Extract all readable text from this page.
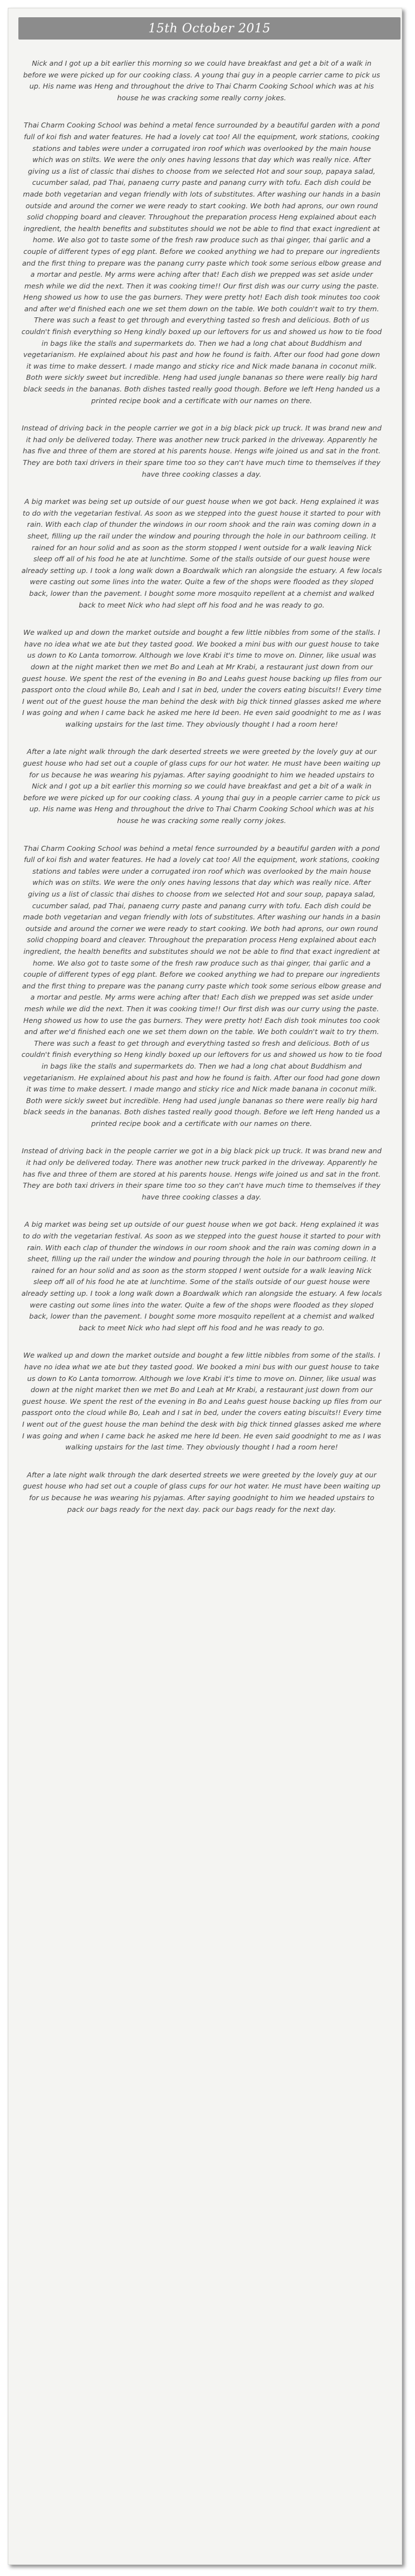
15th October 2015

Nick and I got up a bit earlier this morning so we could have breakfast and get a bit of a walk in before we were picked up for our cooking class. A young thai guy in a people carrier came to pick us up. His name was Heng and throughout the drive to Thai Charm Cooking School which was at his house he was cracking some really corny jokes.

Thai Charm Cooking School was behind a metal fence surrounded by a beautiful garden with a pond full of koi fish and water features. He had a lovely cat too! All the equipment, work stations, cooking stations and tables were under a corrugated iron roof which was overlooked by the main house which was on stilts. We were the only ones having lessons that day which was really nice. After giving us a list of classic thai dishes to choose from we selected Hot and sour soup, papaya salad, cucumber salad, pad Thai, panaeng curry paste and panang curry with tofu. Each dish could be made both vegetarian and vegan friendly with lots of substitutes. After washing our hands in a basin outside and around the corner we were ready to start cooking. We both had aprons, our own round solid chopping board and cleaver. Throughout the preparation process Heng explained about each ingredient, the health benefits and substitutes should we not be able to find that exact ingredient at home. We also got to taste some of the fresh raw produce such as thai ginger, thai garlic and a couple of different types of egg plant. Before we cooked anything we had to prepare our ingredients and the first thing to prepare was the panang curry paste which took some serious elbow grease and a mortar and pestle. My arms were aching after that! Each dish we prepped was set aside under mesh while we did the next. Then it was cooking time!! Our first dish was our curry using the paste. Heng showed us how to use the gas burners. They were pretty hot! Each dish took minutes too cook and after we'd finished each one we set them down on the table. We both couldn't wait to try them. There was such a feast to get through and everything tasted so fresh and delicious. Both of us couldn't finish everything so Heng kindly boxed up our leftovers for us and showed us how to tie food in bags like the stalls and supermarkets do. Then we had a long chat about Buddhism and vegetarianism. He explained about his past and how he found is faith. After our food had gone down it was time to make dessert. I made mango and sticky rice and Nick made banana in coconut milk. Both were sickly sweet but incredible. Heng had used jungle bananas so there were really big hard black seeds in the bananas. Both dishes tasted really good though. Before we left Heng handed us a printed recipe book and a certificate with our names on there.

Instead of driving back in the people carrier we got in a big black pick up truck. It was brand new and it had only be delivered today. There was another new truck parked in the driveway. Apparently he has five and three of them are stored at his parents house. Hengs wife joined us and sat in the front. They are both taxi drivers in their spare time too so they can't have much time to themselves if they have three cooking classes a day.

A big market was being set up outside of our guest house when we got back. Heng explained it was to do with the vegetarian festival. As soon as we stepped into the guest house it started to pour with rain. With each clap of thunder the windows in our room shook and the rain was coming down in a sheet, filling up the rail under the window and pouring through the hole in our bathroom ceiling. It rained for an hour solid and as soon as the storm stopped I went outside for a walk leaving Nick sleep off all of his food he ate at lunchtime. Some of the stalls outside of our guest house were already setting up. I took a long walk down a Boardwalk which ran alongside the estuary. A few locals were casting out some lines into the water. Quite a few of the shops were flooded as they sloped back, lower than the pavement. I bought some more mosquito repellent at a chemist and walked back to meet Nick who had slept off his food and he was ready to go.

We walked up and down the market outside and bought a few little nibbles from some of the stalls. I have no idea what we ate but they tasted good. We booked a mini bus with our guest house to take us down to Ko Lanta tomorrow. Although we love Krabi it's time to move on. Dinner, like usual was down at the night market then we met Bo and Leah at Mr Krabi, a restaurant just down from our guest house. We spent the rest of the evening in Bo and Leahs guest house backing up files from our passport onto the cloud while Bo, Leah and I sat in bed, under the covers eating biscuits!! Every time I went out of the guest house the man behind the desk with big thick tinned glasses asked me where I was going and when I came back he asked me here Id been. He even said goodnight to me as I was walking upstairs for the last time. They obviously thought I had a room here!

After a late night walk through the dark deserted streets we were greeted by the lovely guy at our guest house who had set out a couple of glass cups for our hot water. He must have been waiting up for us because he was wearing his pyjamas. After saying goodnight to him we headed upstairs to Nick and I got up a bit earlier this morning so we could have breakfast and get a bit of a walk in before we were picked up for our cooking class. A young thai guy in a people carrier came to pick us up. His name was Heng and throughout the drive to Thai Charm Cooking School which was at his house he was cracking some really corny jokes.

Thai Charm Cooking School was behind a metal fence surrounded by a beautiful garden with a pond full of koi fish and water features. He had a lovely cat too! All the equipment, work stations, cooking stations and tables were under a corrugated iron roof which was overlooked by the main house which was on stilts. We were the only ones having lessons that day which was really nice. After giving us a list of classic thai dishes to choose from we selected Hot and sour soup, papaya salad, cucumber salad, pad Thai, panaeng curry paste and panang curry with tofu. Each dish could be made both vegetarian and vegan friendly with lots of substitutes. After washing our hands in a basin outside and around the corner we were ready to start cooking. We both had aprons, our own round solid chopping board and cleaver. Throughout the preparation process Heng explained about each ingredient, the health benefits and substitutes should we not be able to find that exact ingredient at home. We also got to taste some of the fresh raw produce such as thai ginger, thai garlic and a couple of different types of egg plant. Before we cooked anything we had to prepare our ingredients and the first thing to prepare was the panang curry paste which took some serious elbow grease and a mortar and pestle. My arms were aching after that! Each dish we prepped was set aside under mesh while we did the next. Then it was cooking time!! Our first dish was our curry using the paste. Heng showed us how to use the gas burners. They were pretty hot! Each dish took minutes too cook and after we'd finished each one we set them down on the table. We both couldn't wait to try them. There was such a feast to get through and everything tasted so fresh and delicious. Both of us couldn't finish everything so Heng kindly boxed up our leftovers for us and showed us how to tie food in bags like the stalls and supermarkets do. Then we had a long chat about Buddhism and vegetarianism. He explained about his past and how he found is faith. After our food had gone down it was time to make dessert. I made mango and sticky rice and Nick made banana in coconut milk. Both were sickly sweet but incredible. Heng had used jungle bananas so there were really big hard black seeds in the bananas. Both dishes tasted really good though. Before we left Heng handed us a printed recipe book and a certificate with our names on there.

Instead of driving back in the people carrier we got in a big black pick up truck. It was brand new and it had only be delivered today. There was another new truck parked in the driveway. Apparently he has five and three of them are stored at his parents house. Hengs wife joined us and sat in the front. They are both taxi drivers in their spare time too so they can't have much time to themselves if they have three cooking classes a day.

A big market was being set up outside of our guest house when we got back. Heng explained it was to do with the vegetarian festival. As soon as we stepped into the guest house it started to pour with rain. With each clap of thunder the windows in our room shook and the rain was coming down in a sheet, filling up the rail under the window and pouring through the hole in our bathroom ceiling. It rained for an hour solid and as soon as the storm stopped I went outside for a walk leaving Nick sleep off all of his food he ate at lunchtime. Some of the stalls outside of our guest house were already setting up. I took a long walk down a Boardwalk which ran alongside the estuary. A few locals were casting out some lines into the water. Quite a few of the shops were flooded as they sloped back, lower than the pavement. I bought some more mosquito repellent at a chemist and walked back to meet Nick who had slept off his food and he was ready to go.

We walked up and down the market outside and bought a few little nibbles from some of the stalls. I have no idea what we ate but they tasted good. We booked a mini bus with our guest house to take us down to Ko Lanta tomorrow. Although we love Krabi it's time to move on. Dinner, like usual was down at the night market then we met Bo and Leah at Mr Krabi, a restaurant just down from our guest house. We spent the rest of the evening in Bo and Leahs guest house backing up files from our passport onto the cloud while Bo, Leah and I sat in bed, under the covers eating biscuits!! Every time I went out of the guest house the man behind the desk with big thick tinned glasses asked me where I was going and when I came back he asked me here Id been. He even said goodnight to me as I was walking upstairs for the last time. They obviously thought I had a room here!

After a late night walk through the dark deserted streets we were greeted by the lovely guy at our guest house who had set out a couple of glass cups for our hot water. He must have been waiting up for us because he was wearing his pyjamas. After saying goodnight to him we headed upstairs to pack our bags ready for the next day. pack our bags ready for the next day.
